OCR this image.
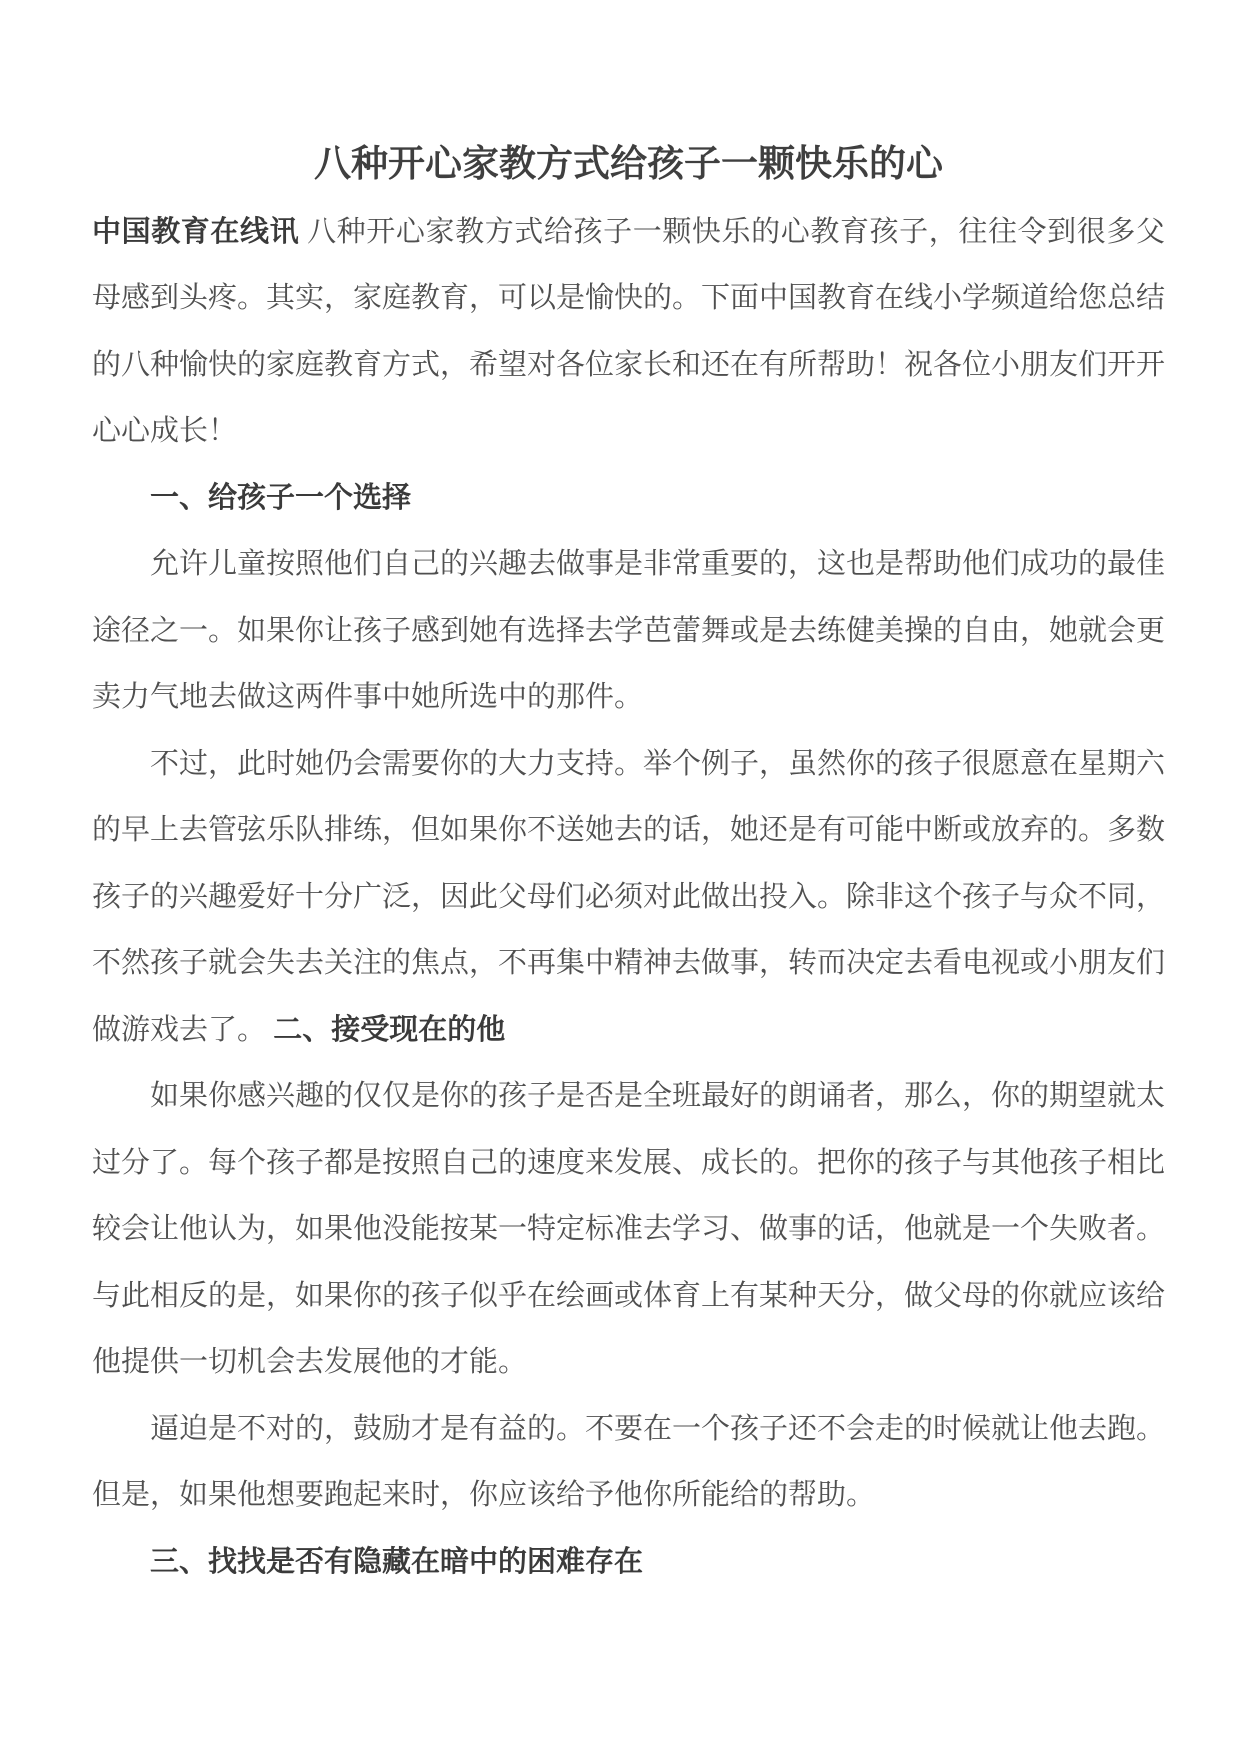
八种开心家教方式给孩子一颗快乐的心

中国教育在线讯 八种开心家教方式给孩子一颗快乐的心教育孩子，往往令到很多父母感到头疼。其实，家庭教育，可以是愉快的。下面中国教育在线小学频道给您总结的八种愉快的家庭教育方式，希望对各位家长和还在有所帮助！祝各位小朋友们开开心心成长！

一、给孩子一个选择

允许儿童按照他们自己的兴趣去做事是非常重要的，这也是帮助他们成功的最佳途径之一。如果你让孩子感到她有选择去学芭蕾舞或是去练健美操的自由，她就会更卖力气地去做这两件事中她所选中的那件。

不过，此时她仍会需要你的大力支持。举个例子，虽然你的孩子很愿意在星期六的早上去管弦乐队排练，但如果你不送她去的话，她还是有可能中断或放弃的。多数孩子的兴趣爱好十分广泛，因此父母们必须对此做出投入。除非这个孩子与众不同，不然孩子就会失去关注的焦点，不再集中精神去做事，转而决定去看电视或小朋友们做游戏去了。 二、接受现在的他

如果你感兴趣的仅仅是你的孩子是否是全班最好的朗诵者，那么，你的期望就太过分了。每个孩子都是按照自己的速度来发展、成长的。把你的孩子与其他孩子相比较会让他认为，如果他没能按某一特定标准去学习、做事的话，他就是一个失败者。与此相反的是，如果你的孩子似乎在绘画或体育上有某种天分，做父母的你就应该给他提供一切机会去发展他的才能。

逼迫是不对的，鼓励才是有益的。不要在一个孩子还不会走的时候就让他去跑。但是，如果他想要跑起来时，你应该给予他你所能给的帮助。

三、找找是否有隐藏在暗中的困难存在
